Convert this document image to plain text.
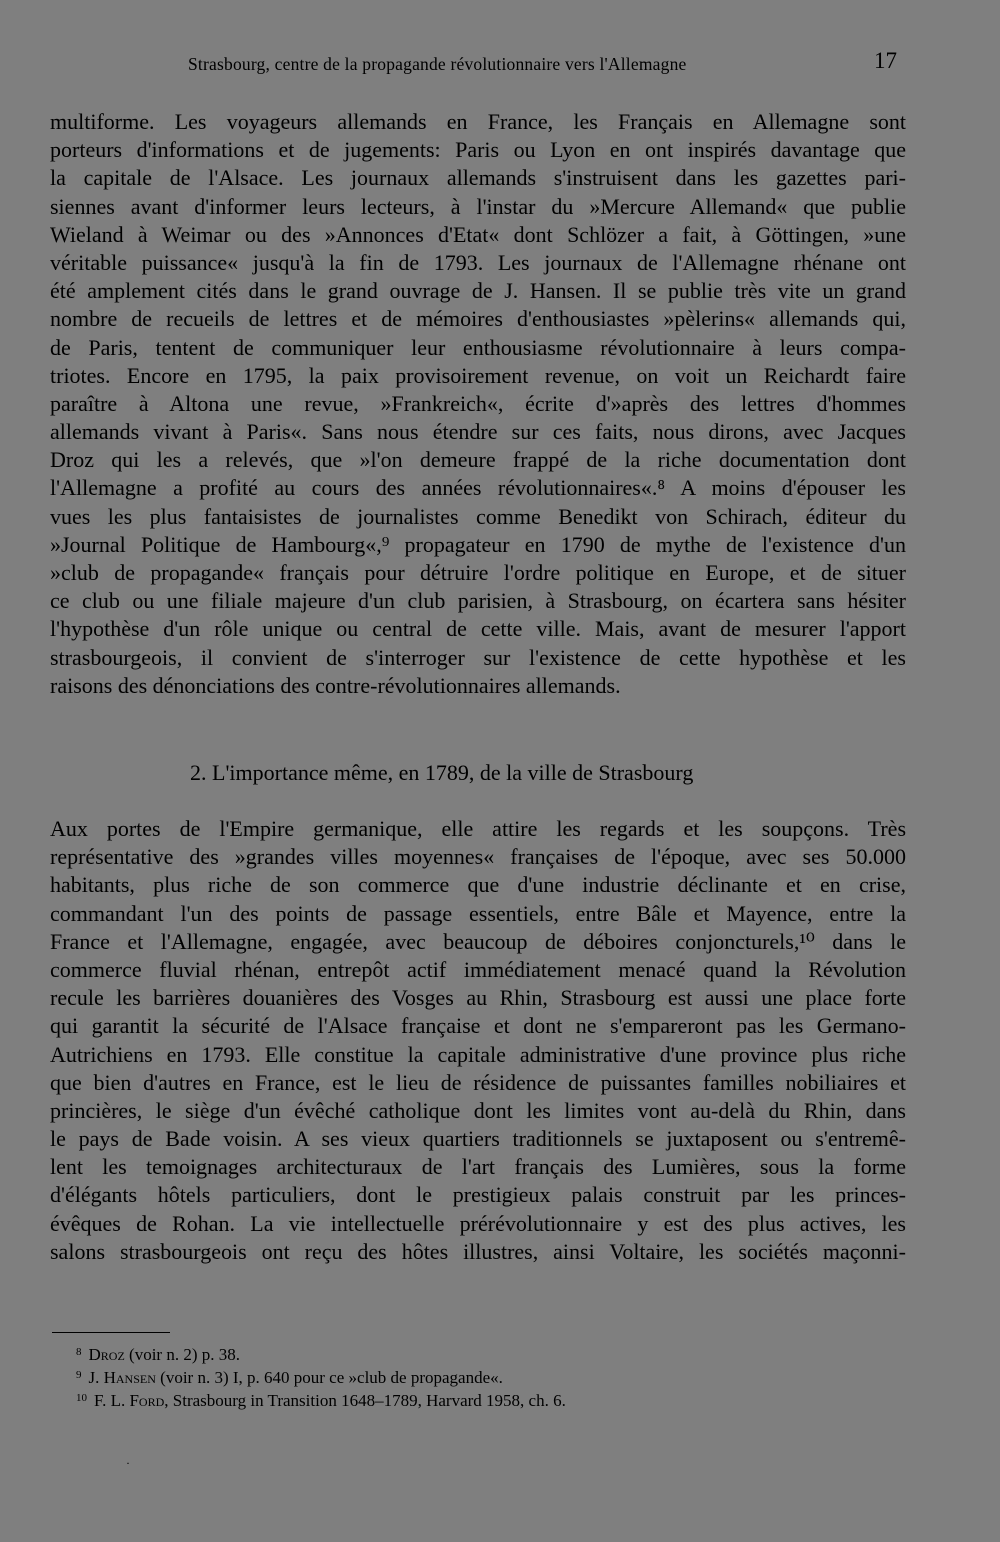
Strasbourg, centre de la propagande révolutionnaire vers l'Allemagne	17
multiforme. Les voyageurs allemands en France, les Français en Allemagne sont
porteurs d'informations et de jugements: Paris ou Lyon en ont inspirés davantage que
la capitale de l'Alsace. Les journaux allemands s'instruisent dans les gazettes pari-
siennes avant d'informer leurs lecteurs, à l'instar du »Mercure Allemand« que publie
Wieland à Weimar ou des »Annonces d'Etat« dont Schlözer a fait, à Göttingen, »une
véritable puissance« jusqu'à la fin de 1793. Les journaux de l'Allemagne rhénane ont
été amplement cités dans le grand ouvrage de J. Hansen. Il se publie très vite un grand
nombre de recueils de lettres et de mémoires d'enthousiastes »pèlerins« allemands qui,
de Paris, tentent de communiquer leur enthousiasme révolutionnaire à leurs compa-
triotes. Encore en 1795, la paix provisoirement revenue, on voit un Reichardt faire
paraître à Altona une revue, »Frankreich«, écrite d'»après des lettres d'hommes
allemands vivant à Paris«. Sans nous étendre sur ces faits, nous dirons, avec Jacques
Droz qui les a relevés, que »l'on demeure frappé de la riche documentation dont
l'Allemagne a profité au cours des années révolutionnaires«.⁸ A moins d'épouser les
vues les plus fantaisistes de journalistes comme Benedikt von Schirach, éditeur du
»Journal Politique de Hambourg«,⁹ propagateur en 1790 de mythe de l'existence d'un
»club de propagande« français pour détruire l'ordre politique en Europe, et de situer
ce club ou une filiale majeure d'un club parisien, à Strasbourg, on écartera sans hésiter
l'hypothèse d'un rôle unique ou central de cette ville. Mais, avant de mesurer l'apport
strasbourgeois, il convient de s'interroger sur l'existence de cette hypothèse et les
raisons des dénonciations des contre-révolutionnaires allemands.
2. L'importance même, en 1789, de la ville de Strasbourg
Aux portes de l'Empire germanique, elle attire les regards et les soupçons. Très
représentative des »grandes villes moyennes« françaises de l'époque, avec ses 50.000
habitants, plus riche de son commerce que d'une industrie déclinante et en crise,
commandant l'un des points de passage essentiels, entre Bâle et Mayence, entre la
France et l'Allemagne, engagée, avec beaucoup de déboires conjoncturels,¹⁰ dans le
commerce fluvial rhénan, entrepôt actif immédiatement menacé quand la Révolution
recule les barrières douanières des Vosges au Rhin, Strasbourg est aussi une place forte
qui garantit la sécurité de l'Alsace française et dont ne s'empareront pas les Germano-
Autrichiens en 1793. Elle constitue la capitale administrative d'une province plus riche
que bien d'autres en France, est le lieu de résidence de puissantes familles nobiliaires et
princières, le siège d'un évêché catholique dont les limites vont au-delà du Rhin, dans
le pays de Bade voisin. A ses vieux quartiers traditionnels se juxtaposent ou s'entremê-
lent les temoignages architecturaux de l'art français des Lumières, sous la forme
d'élégants hôtels particuliers, dont le prestigieux palais construit par les princes-
évêques de Rohan. La vie intellectuelle prérévolutionnaire y est des plus actives, les
salons strasbourgeois ont reçu des hôtes illustres, ainsi Voltaire, les sociétés maçonni-
$^8$ Droz (voir n. 2) p. 38.
$^9$ J. Hansen (voir n. 3) I, p. 640 pour ce »club de propagande«.
$^{10}$ F. L. Ford, Strasbourg in Transition 1648–1789, Harvard 1958, ch. 6.
·
